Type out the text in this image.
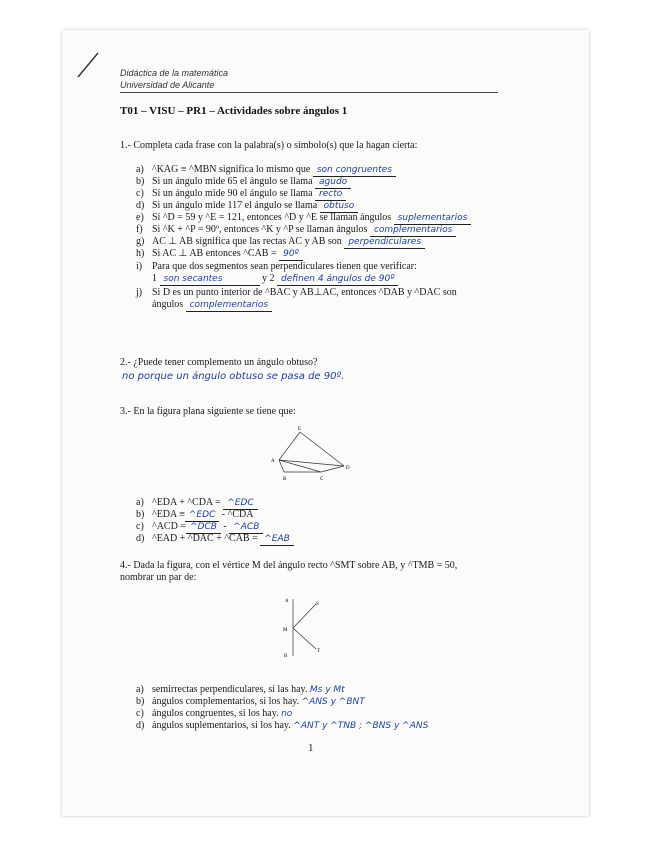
Didáctica de la matemática
Universidad de Alicante
T01 – VISU – PR1 – Actividades sobre ángulos 1
1.- Completa cada frase con la palabra(s) o símbolo(s) que la hagan cierta:
a) ^KAG ≡ ^MBN significa lo mismo que son congruentes
b) Si un ángulo mide 65 el ángulo se llama agudo
c) Si un ángulo mide 90 el ángulo se llama recto
d) Si un ángulo mide 117 el ángulo se llama obtuso
e) Si ^D = 59 y ^E = 121, entonces ^D y ^E se llaman ángulos suplementarios
f) Si ^K + ^P = 90º, entonces ^K y ^P se llaman ángulos complementarios
g) AC ⊥ AB significa que las rectas AC y AB son perpendiculares
h) Si AC ⊥ AB entonces ^CAB = 90º
i) Para que dos segmentos sean perpendiculares tienen que verificar:
1 son secantes	y 2 definen 4 ángulos de 90º
j) Si D es un punto interior de ^BAC y AB⊥AC, entonces ^DAB y ^DAC son
ángulos complementarios
2.- ¿Puede tener complemento un ángulo obtuso?
no porque un ángulo obtuso se pasa de 90º.
3.- En la figura plana siguiente se tiene que:
E
A
D
B	C
a) ^EDA + ^CDA = ^EDC
b) ^EDA ≡ ^EDC - ^CDA
c) ^ACD = ^DCB - ^ACB
d) ^EAD + ^DAC + ^CAB = ^EAB
4.- Dada la figura, con el vértice M del ángulo recto ^SMT sobre AB, y ^TMB = 50,
nombrar un par de:
A
S
M
T
B
a) semirrectas perpendiculares, si las hay. Ms y Mt
b) ángulos complementarios, si los hay. ^ANS y ^BNT
c) ángulos congruentes, si los hay. no
d) ángulos suplementarios, si los hay. ^ANT y ^TNB ; ^BNS y ^ANS
1
